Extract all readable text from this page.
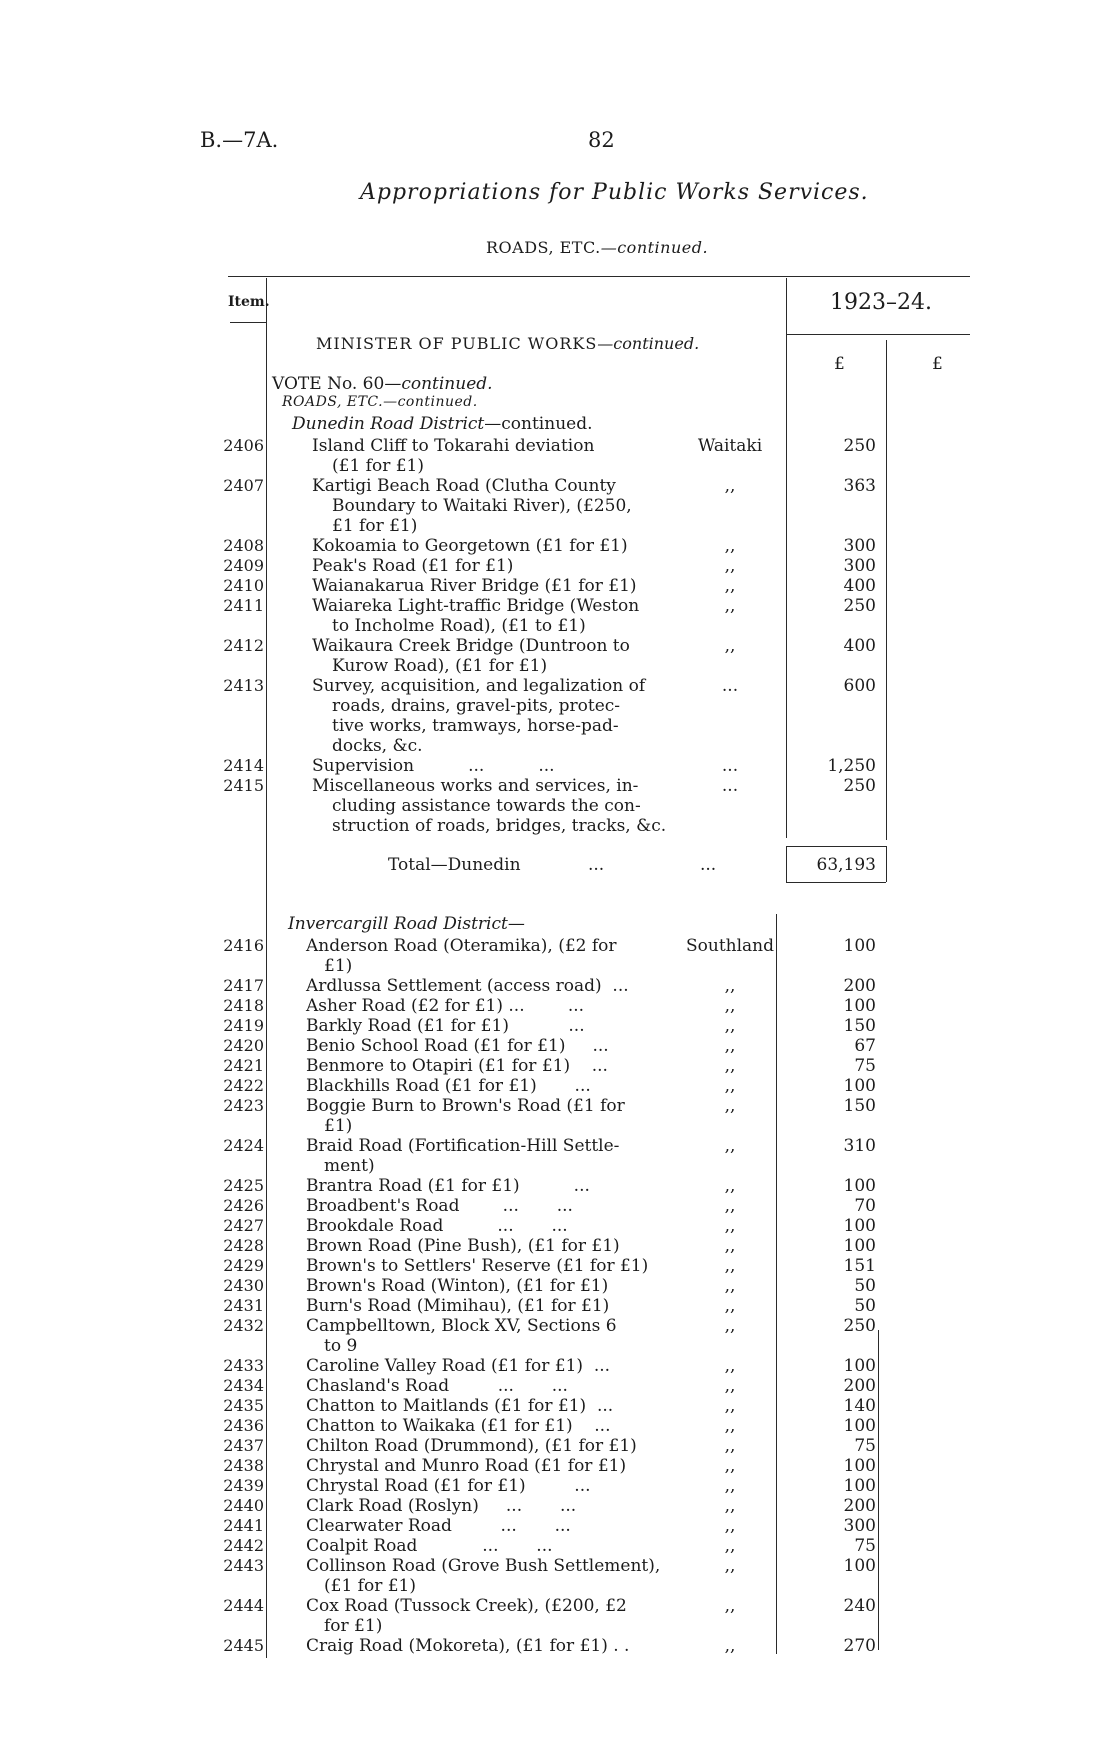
B.—7A.	82
Appropriations for Public Works Services.
ROADS, ETC.—continued.
Item.	1923–24.
£	£
MINISTER OF PUBLIC WORKS—continued.
VOTE No. 60—continued.
ROADS, ETC.—continued.
Dunedin Road District—continued.
2406	Island Cliff to Tokarahi deviation
(£1 for £1)
Waitaki	250
2407	Kartigi Beach Road (Clutha County
Boundary to Waitaki River), (£250,
£1 for £1)
,,	363
2408	Kokoamia to Georgetown (£1 for £1)	,,	300
2409	Peak's Road (£1 for £1)	,,	300
2410	Waianakarua River Bridge (£1 for £1)	,,	400
2411	Waiareka Light-traffic Bridge (Weston
to Incholme Road), (£1 to £1)
,,	250
2412	Waikaura Creek Bridge (Duntroon to
Kurow Road), (£1 for £1)
,,	400
2413	Survey, acquisition, and legalization of
roads, drains, gravel-pits, protec-
tive works, tramways, horse-pad-
docks, &c.
...	600
2414	Supervision          ...          ...	...	1,250
2415	Miscellaneous works and services, in-
cluding assistance towards the con-
struction of roads, bridges, tracks, &c.
...	250
Total—Dunedin	...	...	63,193
Invercargill Road District—
2416 Anderson Road (Oteramika), (£2 for
£1)
Southland	100
2417 Ardlussa Settlement (access road)  ...	,,	200
2418 Asher Road (£2 for £1) ...        ...	,,	100
2419 Barkly Road (£1 for £1)           ...	,,	150
2420 Benio School Road (£1 for £1)     ...	,,	67
2421 Benmore to Otapiri (£1 for £1)    ...	,,	75
2422 Blackhills Road (£1 for £1)       ...	,,	100
2423 Boggie Burn to Brown's Road (£1 for
£1)
,,	150
2424 Braid Road (Fortification-Hill Settle-
ment)
,,	310
2425 Brantra Road (£1 for £1)          ...	,,	100
2426 Broadbent's Road        ...       ...	,,	70
2427 Brookdale Road          ...       ...	,,	100
2428 Brown Road (Pine Bush), (£1 for £1)	,,	100
2429 Brown's to Settlers' Reserve (£1 for £1)	,,	151
2430 Brown's Road (Winton), (£1 for £1)	,,	50
2431 Burn's Road (Mimihau), (£1 for £1)	,,	50
2432 Campbelltown, Block XV, Sections 6
to 9
,,	250
2433 Caroline Valley Road (£1 for £1)  ...	,,	100
2434 Chasland's Road         ...       ...	,,	200
2435 Chatton to Maitlands (£1 for £1)  ...	,,	140
2436 Chatton to Waikaka (£1 for £1)    ...	,,	100
2437 Chilton Road (Drummond), (£1 for £1)	,,	75
2438 Chrystal and Munro Road (£1 for £1)	,,	100
2439 Chrystal Road (£1 for £1)         ...	,,	100
2440 Clark Road (Roslyn)     ...       ...	,,	200
2441 Clearwater Road         ...       ...	,,	300
2442 Coalpit Road            ...       ...	,,	75
2443 Collinson Road (Grove Bush Settlement),
(£1 for £1)
,,	100
2444 Cox Road (Tussock Creek), (£200, £2
for £1)
,,	240
2445 Craig Road (Mokoreta), (£1 for £1) . .	,,	270
